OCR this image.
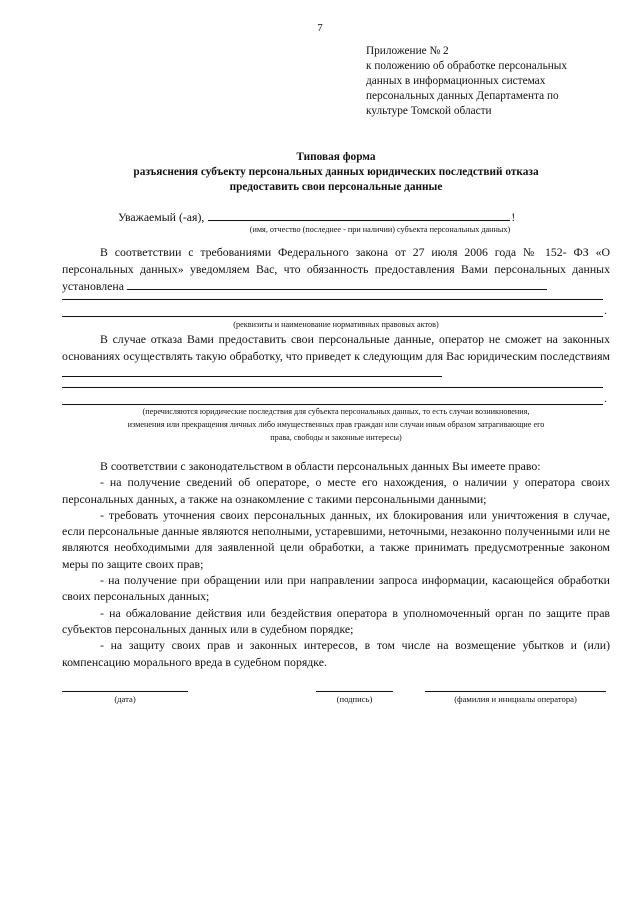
7
Приложение № 2
к положению об обработке персональных
данных в информационных системах
персональных данных Департамента по
культуре Томской области
Типовая форма
разъяснения субъекту персональных данных юридических последствий отказа
предоставить свои персональные данные
Уважаемый (-ая),	!
(имя, отчество (последнее - при наличии) субъекта персональных данных)
В соответствии с требованиями Федерального закона от 27 июля 2006 года № 152- ФЗ «О персональных данных» уведомляем Вас, что обязанность предоставления Вами персональных данных установлена
.
(реквизиты и наименование нормативных правовых актов)
В случае отказа Вами предоставить свои персональные данные, оператор не сможет на законных основаниях осуществлять такую обработку, что приведет к следующим для Вас юридическим последствиям
.
(перечисляются юридические последствия для субъекта персональных данных, то есть случаи возникновения,
изменения или прекращения личных либо имущественных прав граждан или случаи иным образом затрагивающие его
права, свободы и законные интересы)
В соответствии с законодательством в области персональных данных Вы имеете право:
- на получение сведений об операторе, о месте его нахождения, о наличии у оператора своих персональных данных, а также на ознакомление с такими персональными данными;
- требовать уточнения своих персональных данных, их блокирования или уничтожения в случае, если персональные данные являются неполными, устаревшими, неточными, незаконно полученными или не являются необходимыми для заявленной цели обработки, а также принимать предусмотренные законом меры по защите своих прав;
- на получение при обращении или при направлении запроса информации, касающейся обработки своих персональных данных;
- на обжалование действия или бездействия оператора в уполномоченный орган по защите прав субъектов персональных данных или в судебном порядке;
- на защиту своих прав и законных интересов, в том числе на возмещение убытков и (или) компенсацию морального вреда в судебном порядке.
(дата)	(подпись)	(фамилия и инициалы оператора)
